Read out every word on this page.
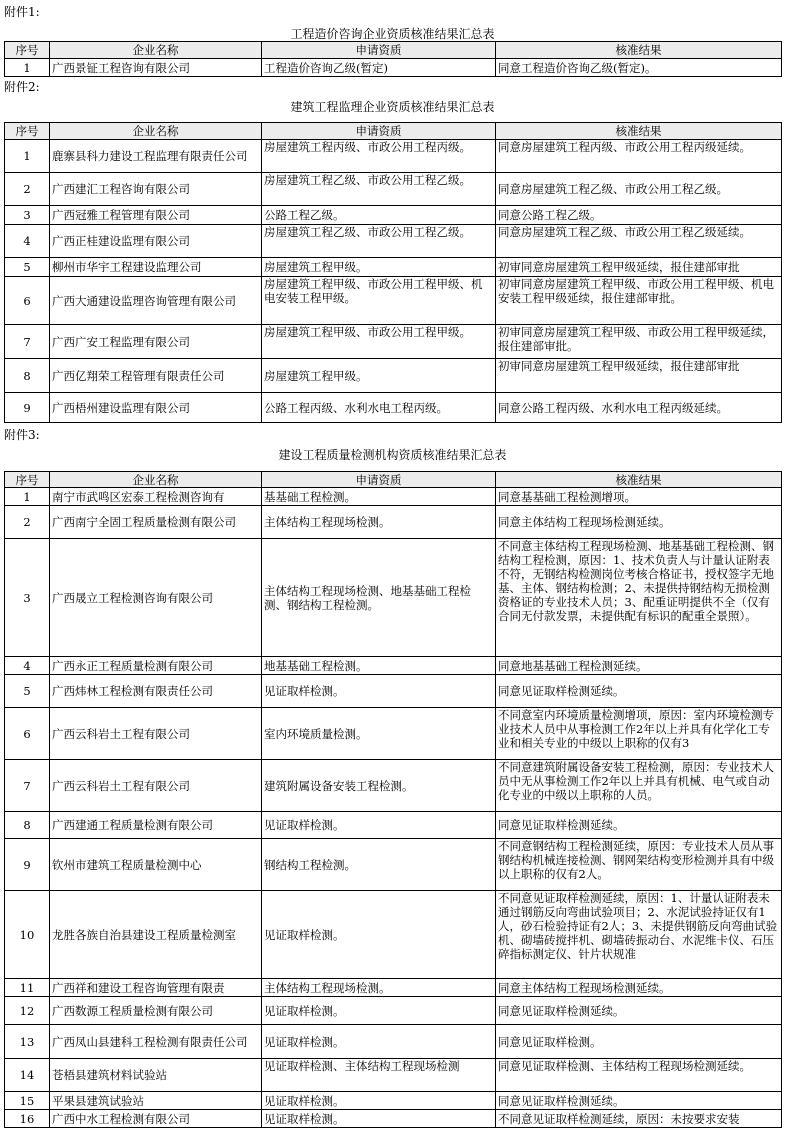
附件1:
工程造价咨询企业资质核准结果汇总表
序号	企业名称	申请资质	核准结果
1	广西景钲工程咨询有限公司	工程造价咨询乙级(暂定)	同意工程造价咨询乙级(暂定)。
附件2:
建筑工程监理企业资质核准结果汇总表
序号	企业名称	申请资质	核准结果
1	鹿寨县科力建设工程监理有限责任公司	房屋建筑工程丙级、市政公用工程丙级。	同意房屋建筑工程丙级、市政公用工程丙级延续。
2	广西建汇工程咨询有限公司	房屋建筑工程乙级、市政公用工程乙级。	同意房屋建筑工程乙级、市政公用工程乙级。
3	广西冠雅工程管理有限公司	公路工程乙级。	同意公路工程乙级。
4	广西正桂建设监理有限公司	房屋建筑工程乙级、市政公用工程乙级。	同意房屋建筑工程乙级、市政公用工程乙级延续。
5	柳州市华宇工程建设监理公司	房屋建筑工程甲级。	初审同意房屋建筑工程甲级延续，报住建部审批
6	广西大通建设监理咨询管理有限公司	房屋建筑工程甲级、市政公用工程甲级、机电安装工程甲级。	初审同意房屋建筑工程甲级、市政公用工程甲级、机电安装工程甲级延续，报住建部审批。
7	广西广安工程监理有限公司	房屋建筑工程甲级、市政公用工程甲级。	初审同意房屋建筑工程甲级、市政公用工程甲级延续，报住建部审批。
8	广西亿翔荣工程管理有限责任公司	房屋建筑工程甲级。	初审同意房屋建筑工程甲级延续，报住建部审批
9	广西梧州建设监理有限公司	公路工程丙级、水利水电工程丙级。	同意公路工程丙级、水利水电工程丙级延续。
附件3:
建设工程质量检测机构资质核准结果汇总表
序号	企业名称	申请资质	核准结果
1	南宁市武鸣区宏泰工程检测咨询有	基基础工程检测。	同意基基础工程检测增项。
2	广西南宁全固工程质量检测有限公司	主体结构工程现场检测。	同意主体结构工程现场检测延续。
3	广西晟立工程检测咨询有限公司	主体结构工程现场检测、地基基础工程检测、钢结构工程检测。	不同意主体结构工程现场检测、地基基础工程检测、钢结构工程检测，原因：1、技术负责人与计量认证附表不符，无钢结构检测岗位考核合格证书，授权签字无地基、主体、钢结构检测；2、未提供持钢结构无损检测资格证的专业技术人员；3、配重证明提供不全（仅有合同无付款发票，未提供配有标识的配重全景照）。
4	广西永正工程质量检测有限公司	地基基础工程检测。	同意地基基础工程检测延续。
5	广西炜林工程检测有限责任公司	见证取样检测。	同意见证取样检测延续。
6	广西云科岩土工程有限公司	室内环境质量检测。	不同意室内环境质量检测增项，原因：室内环境检测专业技术人员中从事检测工作2年以上并具有化学化工专业和相关专业的中级以上职称的仅有3
7	广西云科岩土工程有限公司	建筑附属设备安装工程检测。	不同意建筑附属设备安装工程检测，原因：专业技术人员中无从事检测工作2年以上并具有机械、电气或自动化专业的中级以上职称的人员。
8	广西建通工程质量检测有限公司	见证取样检测。	同意见证取样检测延续。
9	钦州市建筑工程质量检测中心	钢结构工程检测。	不同意钢结构工程检测延续，原因：专业技术人员从事钢结构机械连接检测、钢网架结构变形检测并具有中级以上职称的仅有2人。
10	龙胜各族自治县建设工程质量检测室	见证取样检测。	不同意见证取样检测延续，原因：1、计量认证附表未通过钢筋反向弯曲试验项目；2、水泥试验持证仅有1人，砂石检验持证有2人；3、未提供钢筋反向弯曲试验机、砌墙砖搅拌机、砌墙砖振动台、水泥维卡仪、石压碎指标测定仪、针片状规准
11	广西祥和建设工程咨询管理有限责	主体结构工程现场检测。	同意主体结构工程现场检测延续。
12	广西数源工程质量检测有限公司	见证取样检测。	同意见证取样检测延续。
13	广西凤山县建科工程检测有限责任公司	见证取样检测。	同意见证取样检测。
14	苍梧县建筑材料试验站	见证取样检测、主体结构工程现场检测	同意见证取样检测、主体结构工程现场检测延续。
15	平果县建筑试验站	见证取样检测。	同意见证取样检测延续。
16	广西中水工程检测有限公司	见证取样检测。	不同意见证取样检测延续，原因：未按要求安装
